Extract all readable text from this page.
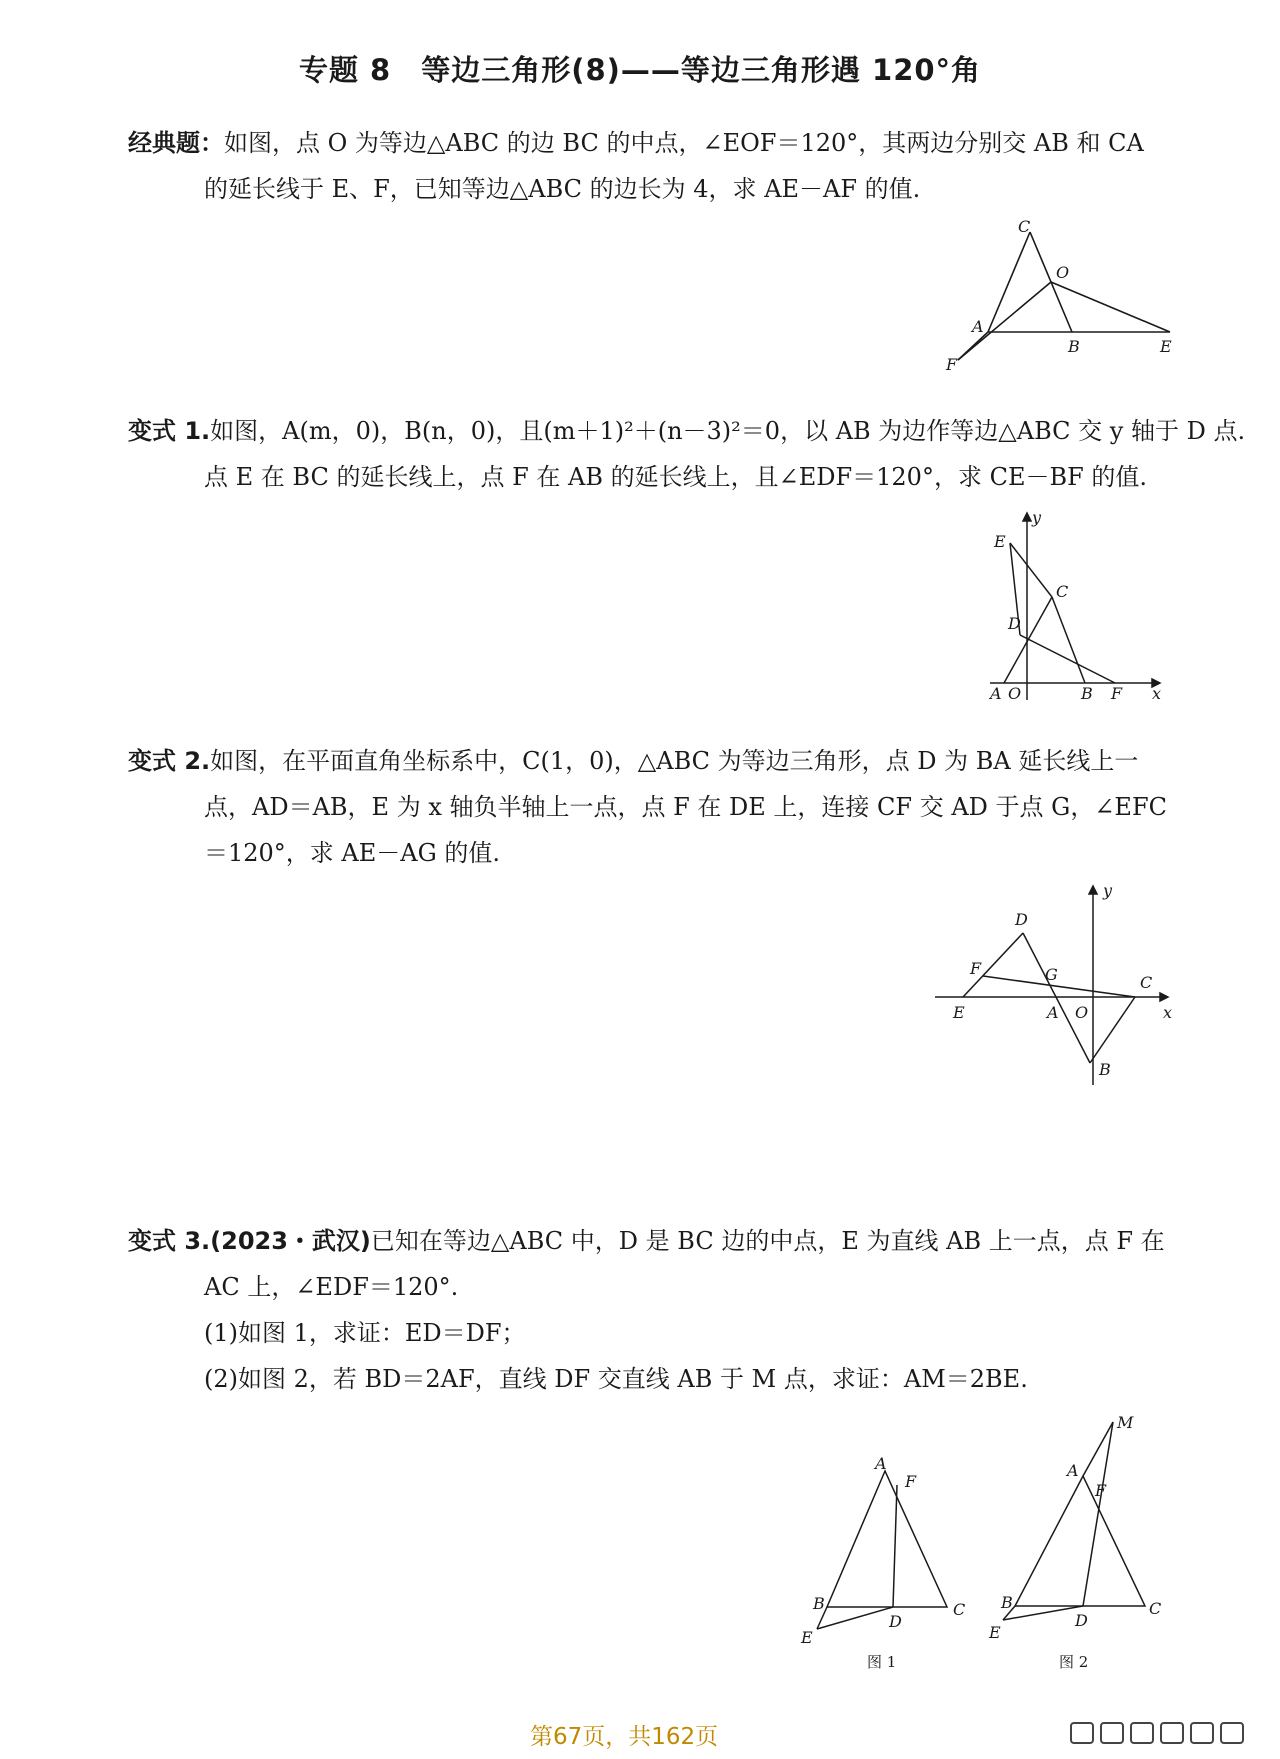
专题 8　等边三角形(8)——等边三角形遇 120°角
经典题：如图，点 O 为等边△ABC 的边 BC 的中点，∠EOF＝120°，其两边分别交 AB 和 CA
的延长线于 E、F，已知等边△ABC 的边长为 4，求 AE－AF 的值.
C
O
A
B	E
F
变式 1.如图，A(m，0)，B(n，0)，且(m＋1)²＋(n－3)²＝0，以 AB 为边作等边△ABC 交 y 轴于 D 点.
点 E 在 BC 的延长线上，点 F 在 AB 的延长线上，且∠EDF＝120°，求 CE－BF 的值.
y
E
C
D
A O	B F x
变式 2.如图，在平面直角坐标系中，C(1，0)，△ABC 为等边三角形，点 D 为 BA 延长线上一
点，AD＝AB，E 为 x 轴负半轴上一点，点 F 在 DE 上，连接 CF 交 AD 于点 G，∠EFC
＝120°，求 AE－AG 的值.
y
D
F	G	C
E	A O	x
B
变式 3.(2023・武汉)已知在等边△ABC 中，D 是 BC 边的中点，E 为直线 AB 上一点，点 F 在
AC 上，∠EDF＝120°.
(1)如图 1，求证：ED＝DF；
(2)如图 2，若 BD＝2AF，直线 DF 交直线 AB 于 M 点，求证：AM＝2BE.
A
F
B	C
D
E
图 1
M
A
F
B	C
D
E
图 2
第67页，共162页
